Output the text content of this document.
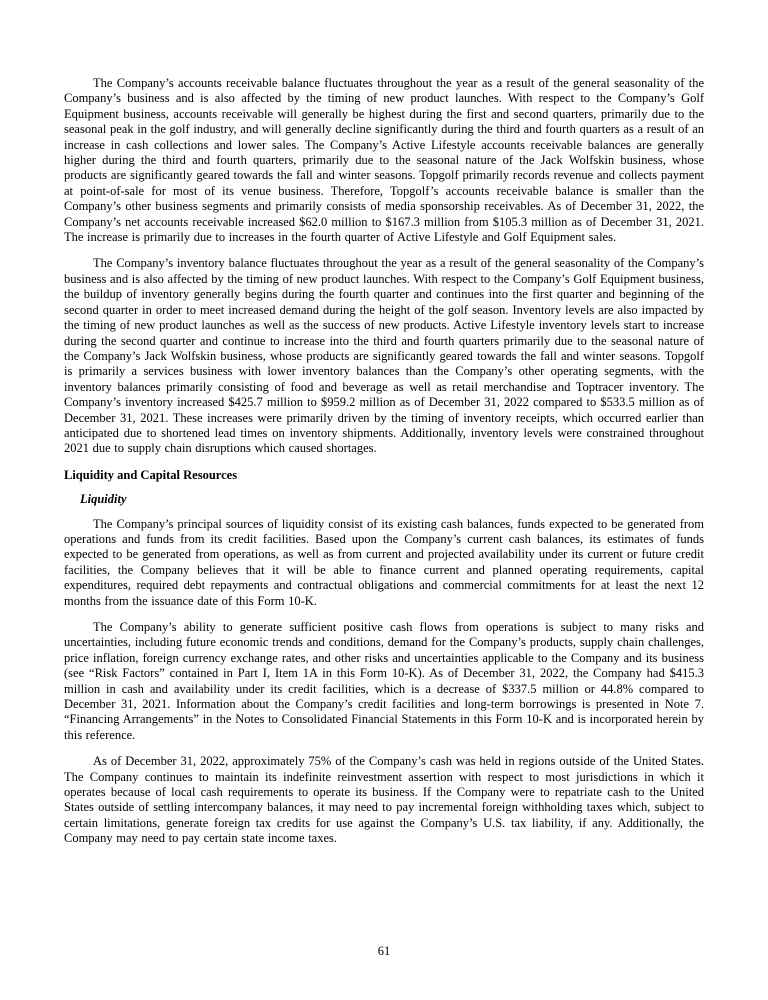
The Company’s accounts receivable balance fluctuates throughout the year as a result of the general seasonality of the Company’s business and is also affected by the timing of new product launches. With respect to the Company’s Golf Equipment business, accounts receivable will generally be highest during the first and second quarters, primarily due to the seasonal peak in the golf industry, and will generally decline significantly during the third and fourth quarters as a result of an increase in cash collections and lower sales. The Company’s Active Lifestyle accounts receivable balances are generally higher during the third and fourth quarters, primarily due to the seasonal nature of the Jack Wolfskin business, whose products are significantly geared towards the fall and winter seasons. Topgolf primarily records revenue and collects payment at point-of-sale for most of its venue business. Therefore, Topgolf’s accounts receivable balance is smaller than the Company’s other business segments and primarily consists of media sponsorship receivables. As of December 31, 2022, the Company’s net accounts receivable increased $62.0 million to $167.3 million from $105.3 million as of December 31, 2021. The increase is primarily due to increases in the fourth quarter of Active Lifestyle and Golf Equipment sales.

The Company’s inventory balance fluctuates throughout the year as a result of the general seasonality of the Company’s business and is also affected by the timing of new product launches. With respect to the Company’s Golf Equipment business, the buildup of inventory generally begins during the fourth quarter and continues into the first quarter and beginning of the second quarter in order to meet increased demand during the height of the golf season. Inventory levels are also impacted by the timing of new product launches as well as the success of new products. Active Lifestyle inventory levels start to increase during the second quarter and continue to increase into the third and fourth quarters primarily due to the seasonal nature of the Company’s Jack Wolfskin business, whose products are significantly geared towards the fall and winter seasons. Topgolf is primarily a services business with lower inventory balances than the Company’s other operating segments, with the inventory balances primarily consisting of food and beverage as well as retail merchandise and Toptracer inventory. The Company’s inventory increased $425.7 million to $959.2 million as of December 31, 2022 compared to $533.5 million as of December 31, 2021. These increases were primarily driven by the timing of inventory receipts, which occurred earlier than anticipated due to shortened lead times on inventory shipments. Additionally, inventory levels were constrained throughout 2021 due to supply chain disruptions which caused shortages.

Liquidity and Capital Resources
Liquidity

The Company’s principal sources of liquidity consist of its existing cash balances, funds expected to be generated from operations and funds from its credit facilities. Based upon the Company’s current cash balances, its estimates of funds expected to be generated from operations, as well as from current and projected availability under its current or future credit facilities, the Company believes that it will be able to finance current and planned operating requirements, capital expenditures, required debt repayments and contractual obligations and commercial commitments for at least the next 12 months from the issuance date of this Form 10-K.

The Company’s ability to generate sufficient positive cash flows from operations is subject to many risks and uncertainties, including future economic trends and conditions, demand for the Company’s products, supply chain challenges, price inflation, foreign currency exchange rates, and other risks and uncertainties applicable to the Company and its business (see “Risk Factors” contained in Part I, Item 1A in this Form 10-K). As of December 31, 2022, the Company had $415.3 million in cash and availability under its credit facilities, which is a decrease of $337.5 million or 44.8% compared to December 31, 2021. Information about the Company’s credit facilities and long-term borrowings is presented in Note 7. “Financing Arrangements” in the Notes to Consolidated Financial Statements in this Form 10-K and is incorporated herein by this reference.

As of December 31, 2022, approximately 75% of the Company’s cash was held in regions outside of the United States. The Company continues to maintain its indefinite reinvestment assertion with respect to most jurisdictions in which it operates because of local cash requirements to operate its business. If the Company were to repatriate cash to the United States outside of settling intercompany balances, it may need to pay incremental foreign withholding taxes which, subject to certain limitations, generate foreign tax credits for use against the Company’s U.S. tax liability, if any. Additionally, the Company may need to pay certain state income taxes.

61
